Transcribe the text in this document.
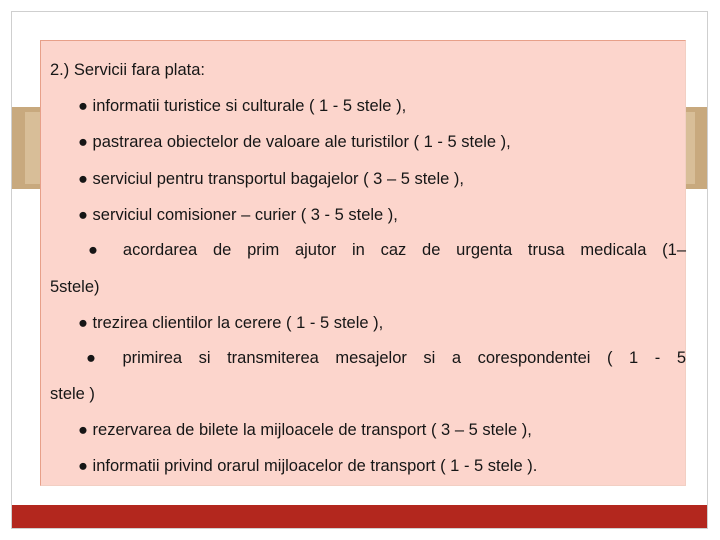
2.) Servicii fara plata:
● informatii turistice si culturale ( 1 - 5 stele ),
● pastrarea obiectelor de valoare ale turistilor ( 1 - 5 stele ),
● serviciul pentru transportul bagajelor ( 3 – 5 stele ),
● serviciul comisioner – curier ( 3 - 5 stele ),
● acordarea de prim ajutor in caz de urgenta trusa medicala (1–
5stele)
● trezirea clientilor la cerere ( 1 - 5 stele ),
● primirea si transmiterea mesajelor si a corespondentei ( 1 - 5
stele )
● rezervarea de bilete la mijloacele de transport ( 3 – 5 stele ),
● informatii privind orarul mijloacelor de transport ( 1 - 5 stele ).
